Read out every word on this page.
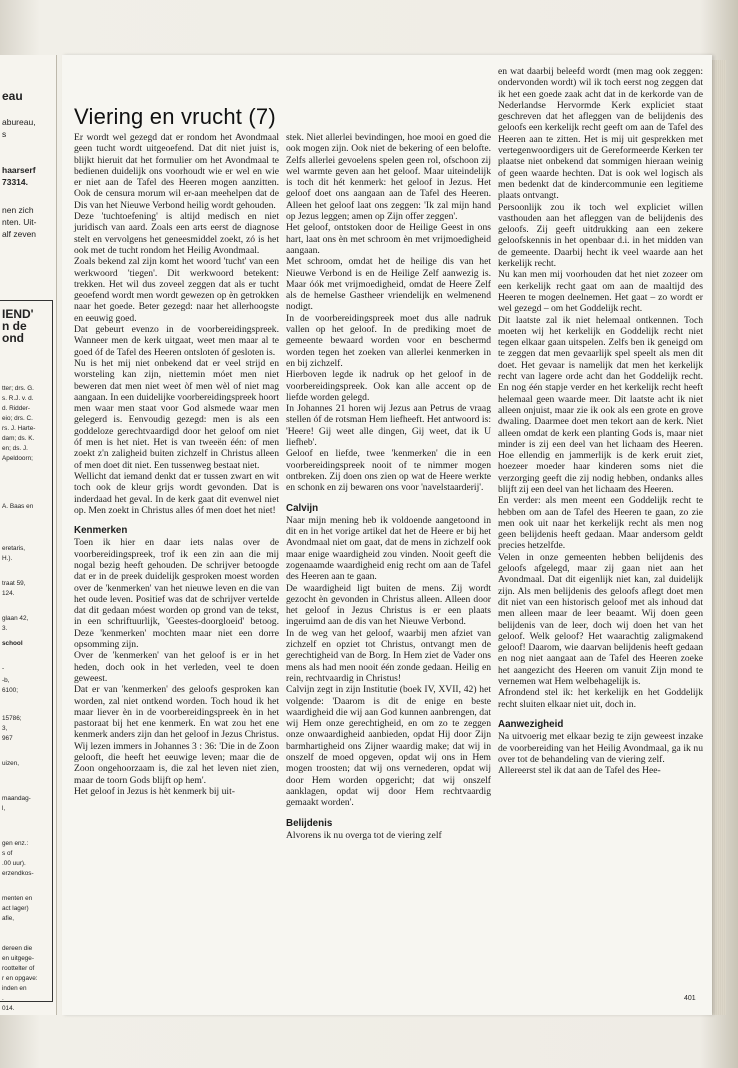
eau
abureau,
s
haarserf
73314.
nen zich
nten. Uit-
alf zeven
IEND'
n de
ond
tter; drs. G.
s. R.J. v. d.
d. Ridder-
eio; drs. C.
rs. J. Harte-
dam; ds. K.
en; ds. J.
Apeldoorn;
A. Baas en
eretaris,
H.).
traat 59,
124.
glaan 42,
3.
school
-
-b,
6100;
15786;
3,
967
uizen,
maandag-
l,
gen enz.:
s of
.00 uur).
erzendkos-
menten en
act lager)
afie,
dereen die
en uitgege-
roottelter of
r en opgave:
inden en
.
014.
Viering en vrucht (7)

Er wordt wel gezegd dat er rondom het Avondmaal geen tucht wordt uitgeoefend. Dat dit niet juist is, blijkt hieruit dat het formulier om het Avondmaal te bedienen duidelijk ons voorhoudt wie er wel en wie er niet aan de Tafel des Heeren mogen aanzitten. Ook de censura morum wil er-aan meehelpen dat de Dis van het Nieuwe Verbond heilig wordt gehouden.

Deze 'tuchtoefening' is altijd medisch en niet juridisch van aard. Zoals een arts eerst de diagnose stelt en vervolgens het geneesmiddel zoekt, zó is het ook met de tucht rondom het Heilig Avondmaal.

Zoals bekend zal zijn komt het woord 'tucht' van een werkwoord 'tiegen'. Dit werkwoord betekent: trekken. Het wil dus zoveel zeggen dat als er tucht geoefend wordt men wordt gewezen op èn getrokken naar het goede. Beter gezegd: naar het allerhoogste en eeuwig goed.

Dat gebeurt evenzo in de voorbereidingspreek. Wanneer men de kerk uitgaat, weet men maar al te goed óf de Tafel des Heeren ontsloten óf gesloten is.

Nu is het mij niet onbekend dat er veel strijd en worsteling kan zijn, niettemin móet men niet beweren dat men niet weet òf men wèl of niet mag aangaan. In een duidelijke voorbereidingspreek hoort men waar men staat voor God alsmede waar men gelegerd is. Eenvoudig gezegd: men is als een goddeloze gerechtvaardigd door het geloof om niet óf men is het niet. Het is van tweeën één: of men zoekt z'n zaligheid buiten zichzelf in Christus alleen of men doet dit niet. Een tussenweg bestaat niet.

Wellicht dat iemand denkt dat er tussen zwart en wit toch ook de kleur grijs wordt gevonden. Dat is inderdaad het geval. In de kerk gaat dit evenwel niet op. Men zoekt in Christus alles óf men doet het niet!

Kenmerken

Toen ik hier en daar iets nalas over de voorbereidingspreek, trof ik een zin aan die mij nogal bezig heeft gehouden. De schrijver betoogde dat er in de preek duidelijk gesproken moest worden over de 'kenmerken' van het nieuwe leven en die van het oude leven. Positief was dat de schrijver vertelde dat dit gedaan móest worden op grond van de tekst, in een schriftuurlijk, 'Geestes-doorgloeid' betoog. Deze 'kenmerken' mochten maar niet een dorre opsomming zijn.

Over de 'kenmerken' van het geloof is er in het heden, doch ook in het verleden, veel te doen geweest.

Dat er van 'kenmerken' des geloofs gesproken kan worden, zal niet ontkend worden. Toch houd ik het maar liever èn in de voorbereidingspreek èn in het pastoraat bij het ene kenmerk. En wat zou het ene kenmerk anders zijn dan het geloof in Jezus Christus. Wij lezen immers in Johannes 3 : 36: 'Die in de Zoon gelooft, die heeft het eeuwige leven; maar die de Zoon ongehoorzaam is, die zal het leven niet zien, maar de toorn Gods blijft op hem'.

Het geloof in Jezus is hèt kenmerk bij uit-

stek. Niet allerlei bevindingen, hoe mooi en goed die ook mogen zijn. Ook niet de bekering of een belofte. Zelfs allerlei gevoelens spelen geen rol, ofschoon zij wel warmte geven aan het geloof. Maar uiteindelijk is toch dit hét kenmerk: het geloof in Jezus. Het geloof doet ons aangaan aan de Tafel des Heeren. Alleen het geloof laat ons zeggen: 'Ik zal mijn hand op Jezus leggen; amen op Zijn offer zeggen'.

Het geloof, ontstoken door de Heilige Geest in ons hart, laat ons èn met schroom èn met vrijmoedigheid aangaan.

Met schroom, omdat het de heilige dis van het Nieuwe Verbond is en de Heilige Zelf aanwezig is. Maar óók met vrijmoedigheid, omdat de Heere Zelf als de hemelse Gastheer vriendelijk en welmenend nodigt.

In de voorbereidingspreek moet dus alle nadruk vallen op het geloof. In de prediking moet de gemeente bewaard worden voor en beschermd worden tegen het zoeken van allerlei kenmerken in en bij zichzelf.

Hierboven legde ik nadruk op het geloof in de voorbereidingspreek. Ook kan alle accent op de liefde worden gelegd.

In Johannes 21 horen wij Jezus aan Petrus de vraag stellen óf de rotsman Hem liefheeft. Het antwoord is: 'Heere! Gij weet alle dingen, Gij weet, dat ik U liefheb'.

Geloof en liefde, twee 'kenmerken' die in een voorbereidingspreek nooit of te nimmer mogen ontbreken. Zij doen ons zien op wat de Heere werkte en schonk en zij bewaren ons voor 'navelstaarderij'.

Calvijn

Naar mijn mening heb ik voldoende aangetoond in dit en in het vorige artikel dat het de Heere er bij het Avondmaal niet om gaat, dat de mens in zichzelf ook maar enige waardigheid zou vinden. Nooit geeft die zogenaamde waardigheid enig recht om aan de Tafel des Heeren aan te gaan.

De waardigheid ligt buiten de mens. Zij wordt gezocht èn gevonden in Christus alleen. Alleen door het geloof in Jezus Christus is er een plaats ingeruimd aan de dis van het Nieuwe Verbond.

In de weg van het geloof, waarbij men afziet van zichzelf en opziet tot Christus, ontvangt men de gerechtigheid van de Borg. In Hem ziet de Vader ons mens als had men nooit één zonde gedaan. Heilig en rein, rechtvaardig in Christus!

Calvijn zegt in zijn Institutie (boek IV, XVII, 42) het volgende: 'Daarom is dit de enige en beste waardigheid die wij aan God kunnen aanbrengen, dat wij Hem onze gerechtigheid, en om zo te zeggen onze onwaardigheid aanbieden, opdat Hij door Zijn barmhartigheid ons Zijner waardig make; dat wij in onszelf de moed opgeven, opdat wij ons in Hem mogen troosten; dat wij ons vernederen, opdat wij door Hem worden opgericht; dat wij onszelf aanklagen, opdat wij door Hem rechtvaardig gemaakt worden'.

Belijdenis

Alvorens ik nu overga tot de viering zelf

en wat daarbij beleefd wordt (men mag ook zeggen: ondervonden wordt) wil ik toch eerst nog zeggen dat ik het een goede zaak acht dat in de kerkorde van de Nederlandse Hervormde Kerk expliciet staat geschreven dat het afleggen van de belijdenis des geloofs een kerkelijk recht geeft om aan de Tafel des Heeren aan te zitten. Het is mij uit gesprekken met vertegenwoordigers uit de Gereformeerde Kerken ter plaatse niet onbekend dat sommigen hieraan weinig of geen waarde hechten. Dat is ook wel logisch als men bedenkt dat de kindercommunie een legitieme plaats ontvangt.

Persoonlijk zou ik toch wel expliciet willen vasthouden aan het afleggen van de belijdenis des geloofs. Zij geeft uitdrukking aan een zekere geloofskennis in het openbaar d.i. in het midden van de gemeente. Daarbij hecht ik veel waarde aan het kerkelijk recht.

Nu kan men mij voorhouden dat het niet zozeer om een kerkelijk recht gaat om aan de maaltijd des Heeren te mogen deelnemen. Het gaat – zo wordt er wel gezegd – om het Goddelijk recht.

Dit laatste zal ik niet helemaal ontkennen. Toch moeten wij het kerkelijk en Goddelijk recht niet tegen elkaar gaan uitspelen. Zelfs ben ik geneigd om te zeggen dat men gevaarlijk spel speelt als men dit doet. Het gevaar is namelijk dat men het kerkelijk recht van lagere orde acht dan het Goddelijk recht. En nog één stapje verder en het kerkelijk recht heeft helemaal geen waarde meer. Dit laatste acht ik niet alleen onjuist, maar zie ik ook als een grote en grove dwaling. Daarmee doet men tekort aan de kerk. Niet alleen omdat de kerk een planting Gods is, maar niet minder is zij een deel van het lichaam des Heeren. Hoe ellendig en jammerlijk is de kerk eruit ziet, hoezeer moeder haar kinderen soms niet die verzorging geeft die zij nodig hebben, ondanks alles blijft zij een deel van het lichaam des Heeren.

En verder: als men meent een Goddelijk recht te hebben om aan de Tafel des Heeren te gaan, zo zie men ook uit naar het kerkelijk recht als men nog geen belijdenis heeft gedaan. Maar andersom geldt precies hetzelfde.

Velen in onze gemeenten hebben belijdenis des geloofs afgelegd, maar zij gaan niet aan het Avondmaal. Dat dit eigenlijk niet kan, zal duidelijk zijn. Als men belijdenis des geloofs aflegt doet men dit niet van een historisch geloof met als inhoud dat men alleen maar de leer beaamt. Wij doen geen belijdenis van de leer, doch wij doen het van het geloof. Welk geloof? Het waarachtig zaligmakend geloof! Daarom, wie daarvan belijdenis heeft gedaan en nog niet aangaat aan de Tafel des Heeren zoeke het aangezicht des Heeren om vanuit Zijn mond te vernemen wat Hem welbehagelijk is.

Afrondend stel ik: het kerkelijk en het Goddelijk recht sluiten elkaar niet uit, doch in.

Aanwezigheid

Na uitvoerig met elkaar bezig te zijn geweest inzake de voorbereiding van het Heilig Avondmaal, ga ik nu over tot de behandeling van de viering zelf.

Allereerst stel ik dat aan de Tafel des Hee-

401
